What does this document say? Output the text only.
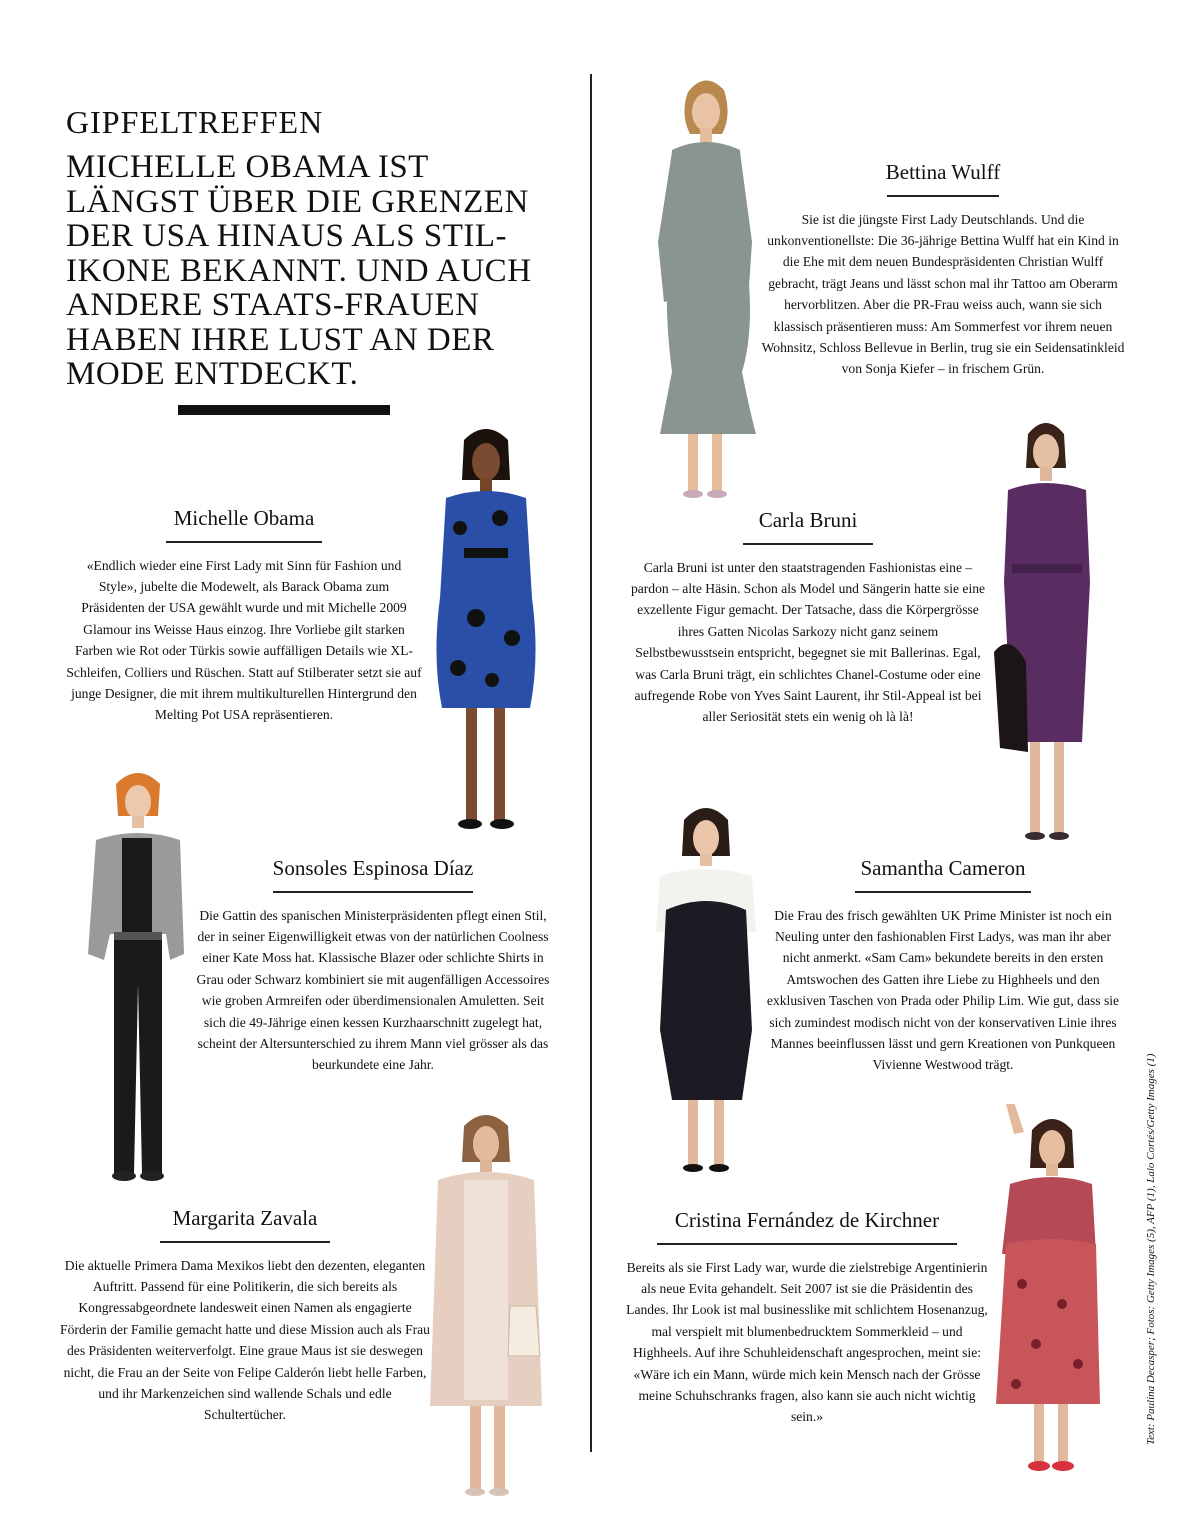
GIPFELTREFFEN
MICHELLE OBAMA IST LÄNGST ÜBER DIE GRENZEN DER USA HINAUS ALS STIL-IKONE BEKANNT. UND AUCH ANDERE STAATS-FRAUEN HABEN IHRE LUST AN DER MODE ENTDECKT.
Bettina Wulff

Sie ist die jüngste First Lady Deutschlands. Und die unkonventionellste: Die 36-jährige Bettina Wulff hat ein Kind in die Ehe mit dem neuen Bundespräsidenten Christian Wulff gebracht, trägt Jeans und lässt schon mal ihr Tattoo am Oberarm hervorblitzen. Aber die PR-Frau weiss auch, wann sie sich klassisch präsentieren muss: Am Sommerfest vor ihrem neuen Wohnsitz, Schloss Bellevue in Berlin, trug sie ein Seidensatinkleid von Sonja Kiefer – in frischem Grün.

Michelle Obama

«Endlich wieder eine First Lady mit Sinn für Fashion und Style», jubelte die Modewelt, als Barack Obama zum Präsidenten der USA gewählt wurde und mit Michelle 2009 Glamour ins Weisse Haus einzog. Ihre Vorliebe gilt starken Farben wie Rot oder Türkis sowie auffälligen Details wie XL-Schleifen, Colliers und Rüschen. Statt auf Stilberater setzt sie auf junge Designer, die mit ihrem multikulturellen Hintergrund den Melting Pot USA repräsentieren.

Carla Bruni

Carla Bruni ist unter den staatstragenden Fashionistas eine – pardon – alte Häsin. Schon als Model und Sängerin hatte sie eine exzellente Figur gemacht. Der Tatsache, dass die Körpergrösse ihres Gatten Nicolas Sarkozy nicht ganz seinem Selbstbewusstsein entspricht, begegnet sie mit Ballerinas. Egal, was Carla Bruni trägt, ein schlichtes Chanel-Costume oder eine aufregende Robe von Yves Saint Laurent, ihr Stil-Appeal ist bei aller Seriosität stets ein wenig oh là là!

Sonsoles Espinosa Díaz

Die Gattin des spanischen Ministerpräsidenten pflegt einen Stil, der in seiner Eigenwilligkeit etwas von der natürlichen Coolness einer Kate Moss hat. Klassische Blazer oder schlichte Shirts in Grau oder Schwarz kombiniert sie mit augenfälligen Accessoires wie groben Armreifen oder überdimensionalen Amuletten. Seit sich die 49-Jährige einen kessen Kurzhaarschnitt zugelegt hat, scheint der Altersunterschied zu ihrem Mann viel grösser als das beurkundete eine Jahr.

Samantha Cameron

Die Frau des frisch gewählten UK Prime Minister ist noch ein Neuling unter den fashionablen First Ladys, was man ihr aber nicht anmerkt. «Sam Cam» bekundete bereits in den ersten Amtswochen des Gatten ihre Liebe zu Highheels und den exklusiven Taschen von Prada oder Philip Lim. Wie gut, dass sie sich zumindest modisch nicht von der konservativen Linie ihres Mannes beeinflussen lässt und gern Kreationen von Punkqueen Vivienne Westwood trägt.

Margarita Zavala

Die aktuelle Primera Dama Mexikos liebt den dezenten, eleganten Auftritt. Passend für eine Politikerin, die sich bereits als Kongressabgeordnete landesweit einen Namen als engagierte Förderin der Familie gemacht hatte und diese Mission auch als Frau des Präsidenten weiterverfolgt. Eine graue Maus ist sie deswegen nicht, die Frau an der Seite von Felipe Calderón liebt helle Farben, und ihr Markenzeichen sind wallende Schals und edle Schultertücher.

Cristina Fernández de Kirchner

Bereits als sie First Lady war, wurde die zielstrebige Argentinierin als neue Evita gehandelt. Seit 2007 ist sie die Präsidentin des Landes. Ihr Look ist mal businesslike mit schlichtem Hosenanzug, mal verspielt mit blumenbedrucktem Sommerkleid – und Highheels. Auf ihre Schuhleidenschaft angesprochen, meint sie: «Wäre ich ein Mann, würde mich kein Mensch nach der Grösse meine Schuhschranks fragen, also kann sie auch nicht wichtig sein.»	Text: Paulina Decasper; Fotos: Getty Images (5), AFP (1), Lalo Cortés/Getty Images (1)
